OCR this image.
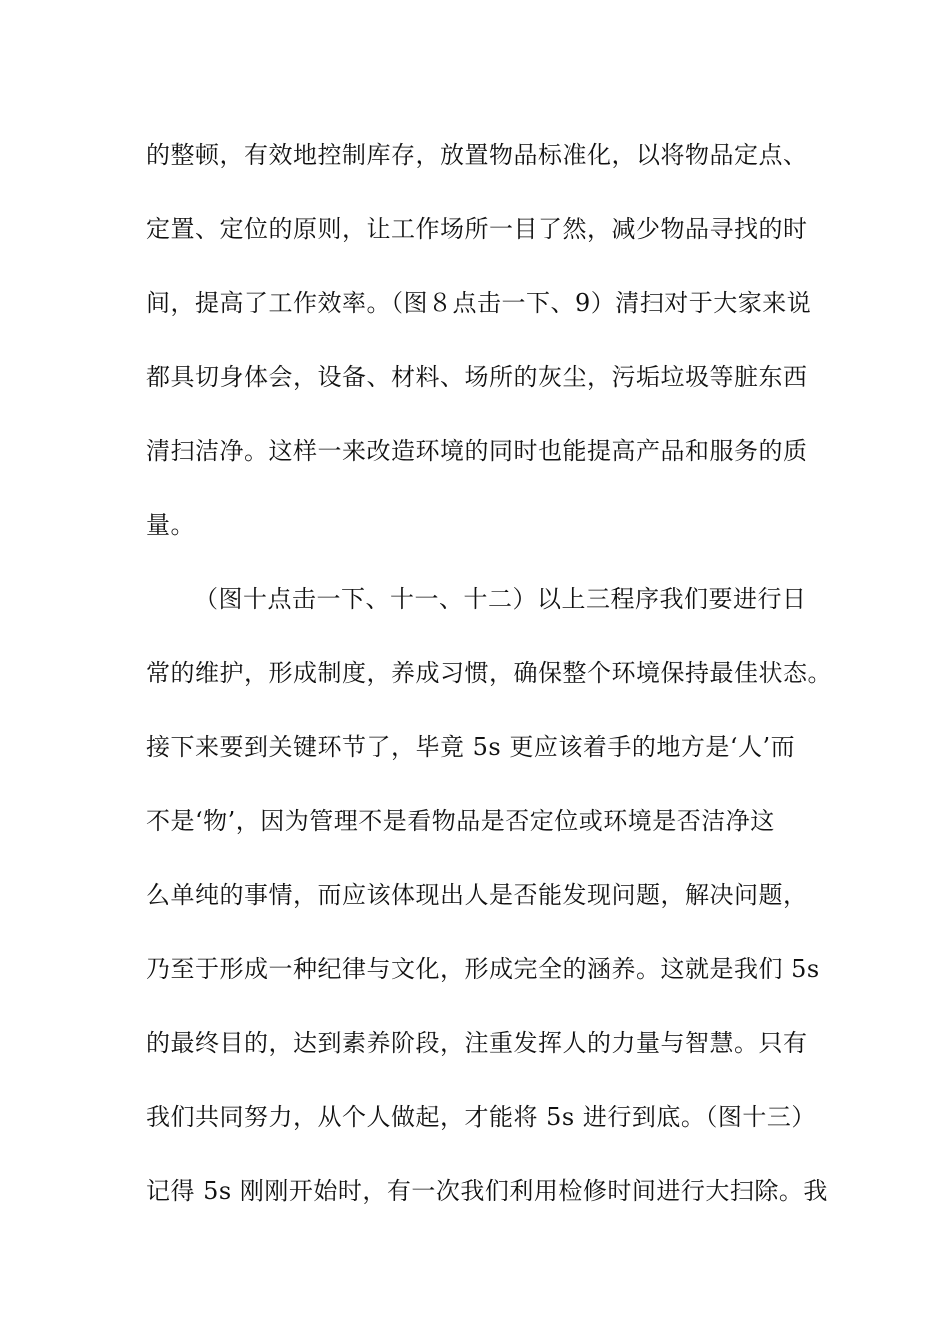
的整顿，有效地控制库存，放置物品标准化，以将物品定点、
定置、定位的原则，让工作场所一目了然，减少物品寻找的时
间，提高了工作效率。（图８点击一下、9）清扫对于大家来说
都具切身体会，设备、材料、场所的灰尘，污垢垃圾等脏东西
清扫洁净。这样一来改造环境的同时也能提高产品和服务的质
量。
（图十点击一下、十一、十二）以上三程序我们要进行日
常的维护，形成制度，养成习惯，确保整个环境保持最佳状态。
接下来要到关键环节了，毕竟 5s 更应该着手的地方是‘人’而
不是‘物’，因为管理不是看物品是否定位或环境是否洁净这
么单纯的事情，而应该体现出人是否能发现问题，解决问题，
乃至于形成一种纪律与文化，形成完全的涵养。这就是我们 5s
的最终目的，达到素养阶段，注重发挥人的力量与智慧。只有
我们共同努力，从个人做起，才能将 5s 进行到底。（图十三）
记得 5s 刚刚开始时，有一次我们利用检修时间进行大扫除。我
